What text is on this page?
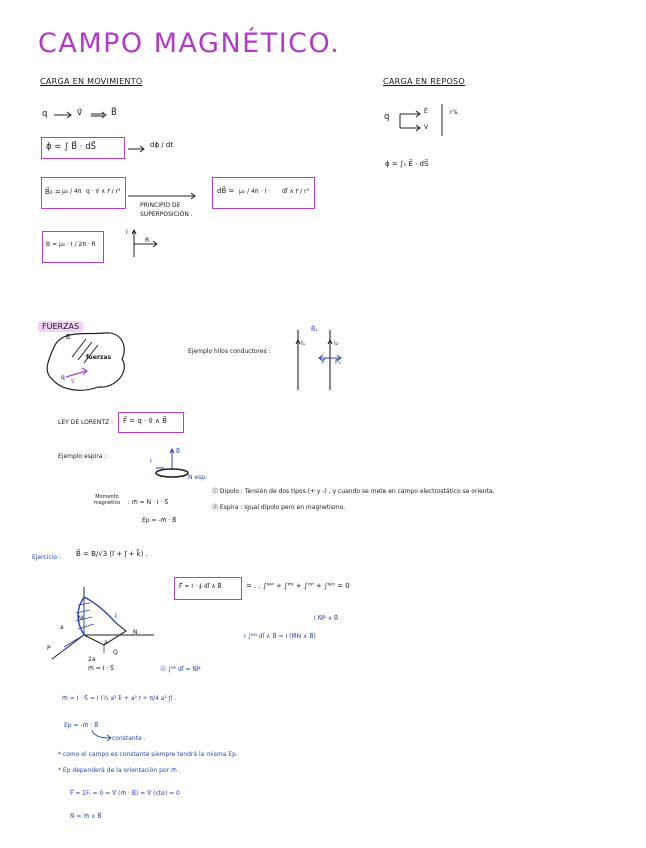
CAMPO MAGNÉTICO.
CARGA EN MOVIMIENTO
q	v⃗	B⃗
ϕ = ∫ B⃗ · dS⃗	dϕ / dt
B⃗₀ = μ₀ / 4π q · v⃗ ∧ r⃗ / r³
PRINCIPIO DE SUPERPOSICIÓN .
dB⃗ = μ₀ / 4π · I · dl⃗ ∧ r⃗ / r³
B = μ₀ · I / 2π · R
I
R
CARGA EN REPOSO
q
E⃗
V
r's.
ϕ = ∫ₛ E⃗ · dS⃗
FUERZAS
B⃗
fuerzas
q
v⃗
Ejemplo hilos conductores :
B⃗₁
I₁	I₂
F⃗ F⃗₂
LEY DE LORENTZ : F⃗ = q · v⃗ ∧ B⃗
Ejemplo espira :
I
B⃗
N esp.
Momento magnético	: m⃗ = N · I · S⃗
Ep = -m⃗ · B⃗
⓵ Dipolo : Tensión de dos tipos (+ y -) , y cuando se mete en campo electrostático se orienta.
⓶ Espira : Igual dipolo pero en magnetismo.
Ejercicio : B⃗ = B/√3 (i⃗ + j⃗ + k⃗) .
F⃗ = I · ∮ dl⃗ ∧ B⃗	= . . ∫ᴺᴹ + ∫ᴾᴺ + ∫ᴼᴾ + ∫ᴹᴼ = 0
I N⃗P ∧ B⃗ .
I ∫ᴹᴺ dl⃗ ∧ B⃗ = I (M⃗N ∧ B⃗)
M
N
P
Q
I
a
a
2a
m⃗ = I · S⃗	⓶ ∫ᴺᴾ dl⃗ = N⃗P
m⃗ = I · S⃗ = I (½ a² k⃗ + a² i⃗ + π/4 a² j⃗) .
Ep = -m⃗ · B⃗
constante .
* como el campo es constante siempre tendrá la misma Ep.
* Ep dependerá de la orientación por m⃗ .
F⃗ = ΣFᵢ = 0 = ∇ (m⃗ · B⃗) = ∇ (cte) = 0
N⃗ = m⃗ ∧ B⃗
